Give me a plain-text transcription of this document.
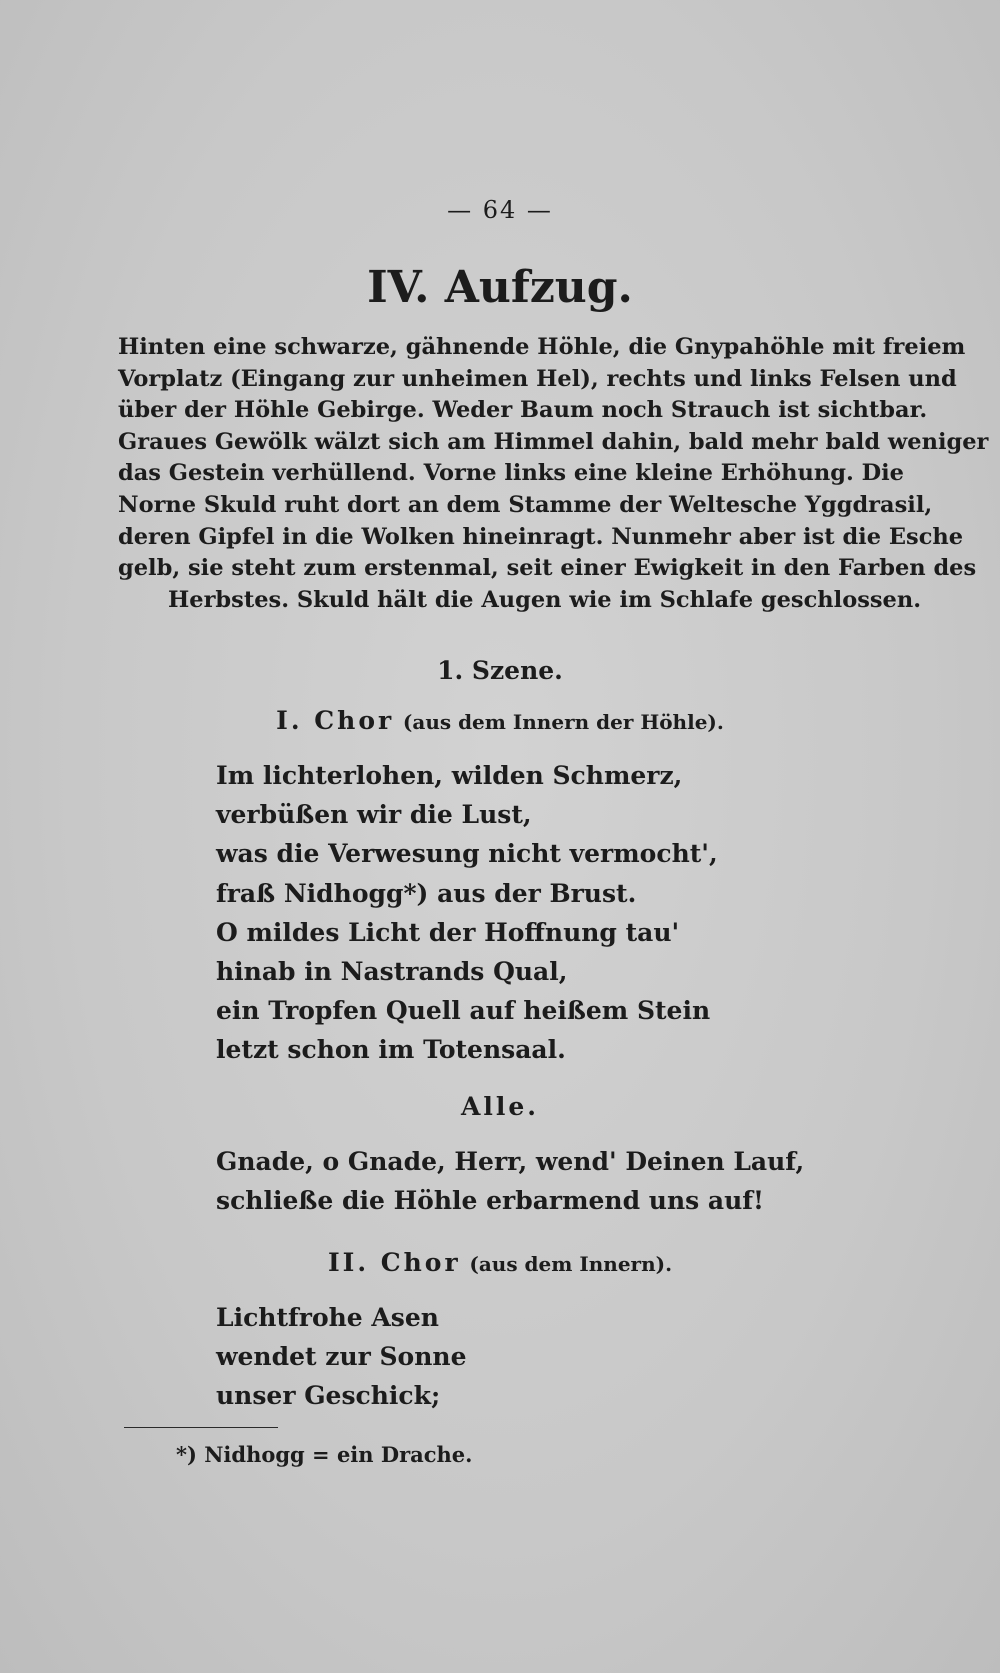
— 64 —
IV. Aufzug.
Hinten eine schwarze, gähnende Höhle, die Gnypahöhle mit freiem
Vorplatz (Eingang zur unheimen Hel), rechts und links Felsen und
über der Höhle Gebirge. Weder Baum noch Strauch ist sichtbar.
Graues Gewölk wälzt sich am Himmel dahin, bald mehr bald weniger
das Gestein verhüllend. Vorne links eine kleine Erhöhung. Die
Norne Skuld ruht dort an dem Stamme der Weltesche Yggdrasil,
deren Gipfel in die Wolken hineinragt. Nunmehr aber ist die Esche
gelb, sie steht zum erstenmal, seit einer Ewigkeit in den Farben des
Herbstes. Skuld hält die Augen wie im Schlafe geschlossen.
1. Szene.
I. Chor (aus dem Innern der Höhle).
Im lichterlohen, wilden Schmerz,
verbüßen wir die Lust,
was die Verwesung nicht vermocht',
fraß Nidhogg*) aus der Brust.
O mildes Licht der Hoffnung tau'
hinab in Nastrands Qual,
ein Tropfen Quell auf heißem Stein
letzt schon im Totensaal.
Alle.
Gnade, o Gnade, Herr, wend' Deinen Lauf,
schließe die Höhle erbarmend uns auf!
II. Chor (aus dem Innern).
Lichtfrohe Asen
wendet zur Sonne
unser Geschick;
*) Nidhogg = ein Drache.
